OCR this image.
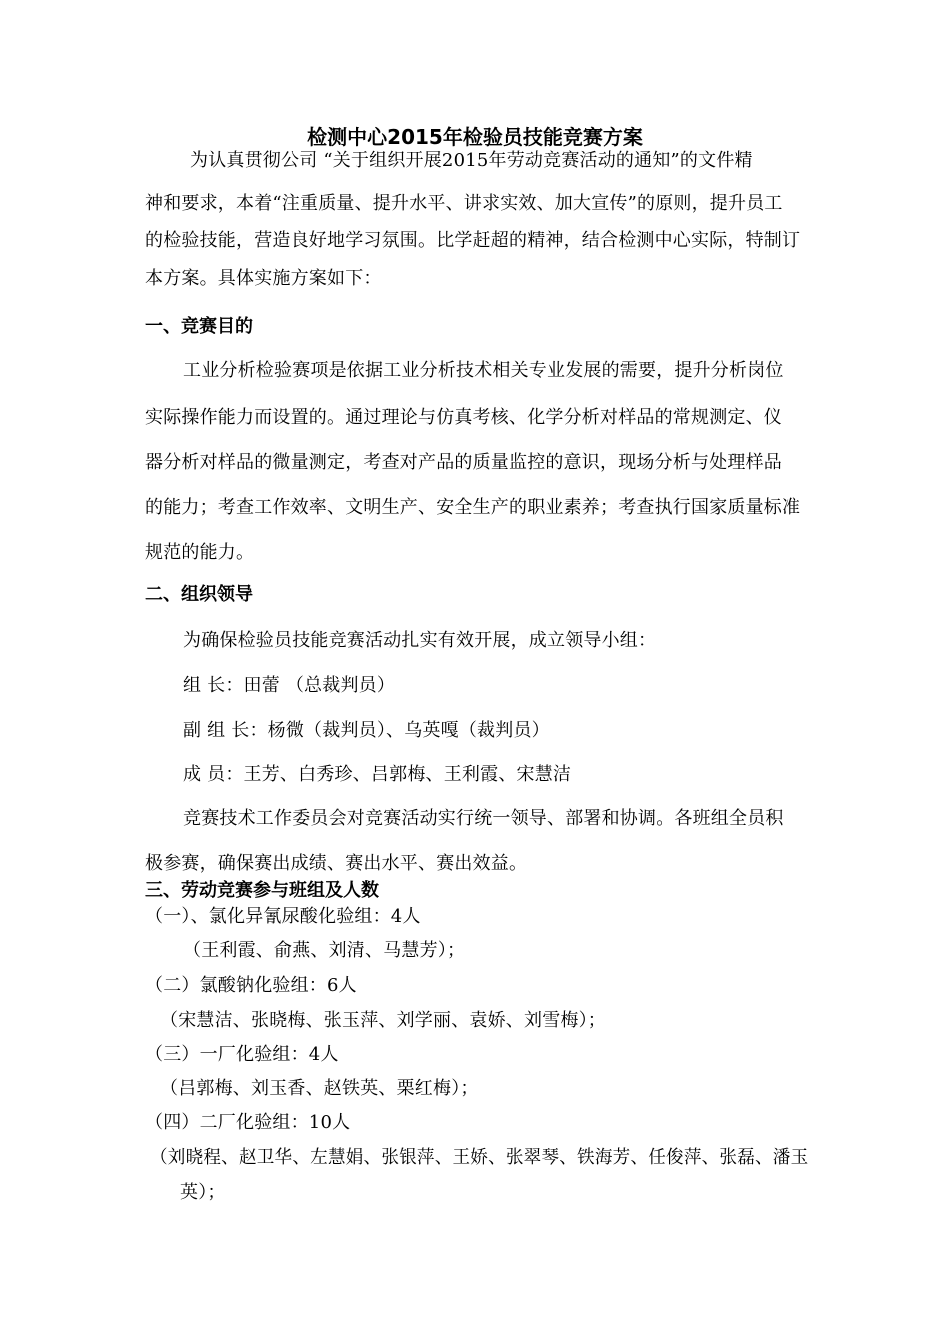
检测中心2015年检验员技能竞赛方案
为认真贯彻公司 “关于组织开展2015年劳动竞赛活动的通知”的文件精
神和要求，本着“注重质量、提升水平、讲求实效、加大宣传”的原则，提升员工
的检验技能，营造良好地学习氛围。比学赶超的精神，结合检测中心实际，特制订
本方案。具体实施方案如下：
一、竞赛目的
工业分析检验赛项是依据工业分析技术相关专业发展的需要，提升分析岗位
实际操作能力而设置的。通过理论与仿真考核、化学分析对样品的常规测定、仪
器分析对样品的微量测定，考查对产品的质量监控的意识，现场分析与处理样品
的能力；考查工作效率、文明生产、安全生产的职业素养；考查执行国家质量标准
规范的能力。
二、组织领导
为确保检验员技能竞赛活动扎实有效开展，成立领导小组：
组 长：田蕾 （总裁判员）
副 组 长：杨微（裁判员）、乌英嘎（裁判员）
成 员：王芳、白秀珍、吕郭梅、王利霞、宋慧洁
竞赛技术工作委员会对竞赛活动实行统一领导、部署和协调。各班组全员积
极参赛，确保赛出成绩、赛出水平、赛出效益。
三、劳动竞赛参与班组及人数
（一）、氯化异氰尿酸化验组：4人
（王利霞、俞燕、刘清、马慧芳）；
（二）氯酸钠化验组：6人
（宋慧洁、张晓梅、张玉萍、刘学丽、袁娇、刘雪梅）；
（三）一厂化验组：4人
（吕郭梅、刘玉香、赵铁英、栗红梅）；
（四）二厂化验组：10人
（刘晓程、赵卫华、左慧娟、张银萍、王娇、张翠琴、铁海芳、任俊萍、张磊、潘玉
英）；
